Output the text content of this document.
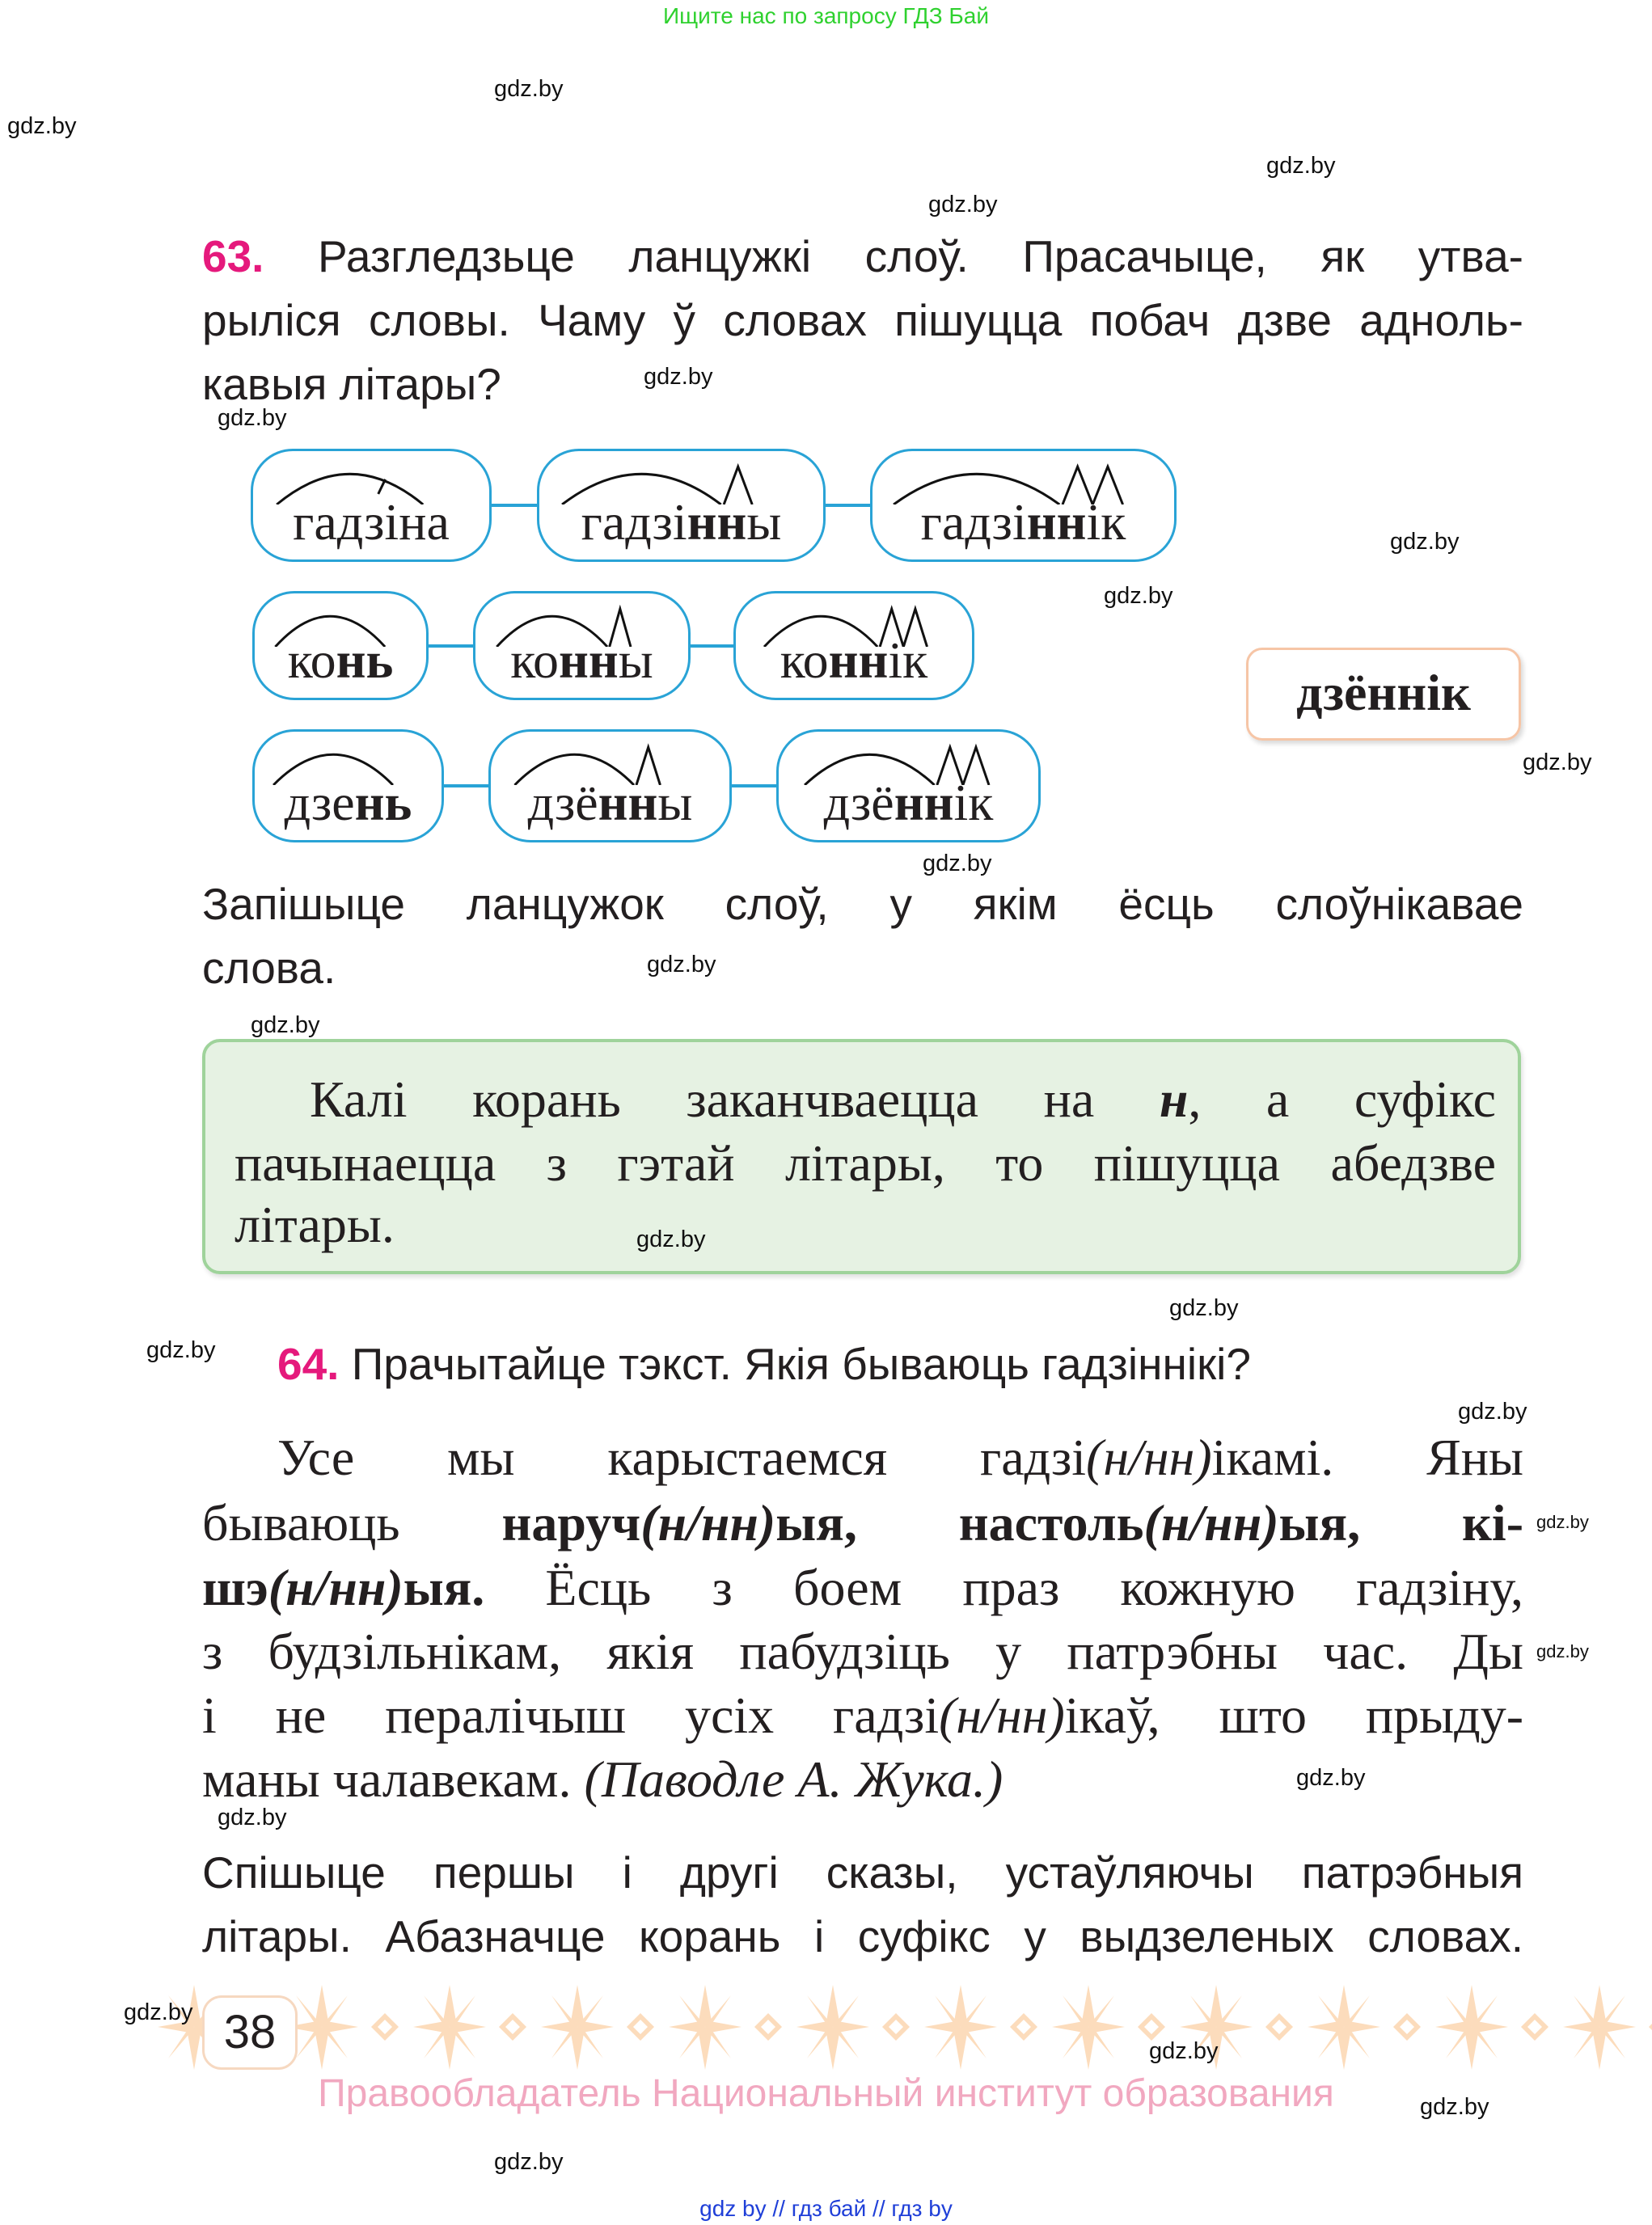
Ищите нас по запросу ГДЗ Бай
63. Разгледзьце ланцужкі слоў. Прасачыце, як утва-
рыліся словы. Чаму ў словах пішуцца побач дзве аднoль-
кавыя літары?
гадзіна	гадзінны	гадзіннік
конь	конны	коннік
дзень	дзённы	дзённік
дзённік
Запішыце ланцужок слоў, у якім ёсць слоўнікавае
слова.
Калі корань заканчваецца на н, а суфікс
пачынаецца з гэтай літары, то пішуцца абедзве
літары.
64. Прачытайце тэкст. Якія бываюць гадзіннікі?
Усе мы карыстаемся гадзі(н/нн)ікамі. Яны
бываюць наруч(н/нн)ыя, настоль(н/нн)ыя, кі-
шэ(н/нн)ыя. Ёсць з боем праз кожную гадзіну,
з будзільнікам, якія пабудзіць у патрэбны час. Ды
і не пералічыш усіх гадзі(н/нн)ікаў, што прыду-
маны чалавекам. (Паводле А. Жука.)
Спішыце першы і другі сказы, устаўляючы патрэбныя
літары. Абазначце корань і суфікс у выдзеленых словах.
38
Правообладатель Национальный институт образования
gdz by // гдз бай // гдз by
gdz.by
gdz.by
gdz.by
gdz.by
gdz.by
gdz.by
gdz.by
gdz.by
gdz.by
gdz.by
gdz.by
gdz.by
gdz.by
gdz.by
gdz.by
gdz.by
gdz.by
gdz.by
gdz.by
gdz.by
gdz.by
gdz.by
gdz.by
gdz.by
